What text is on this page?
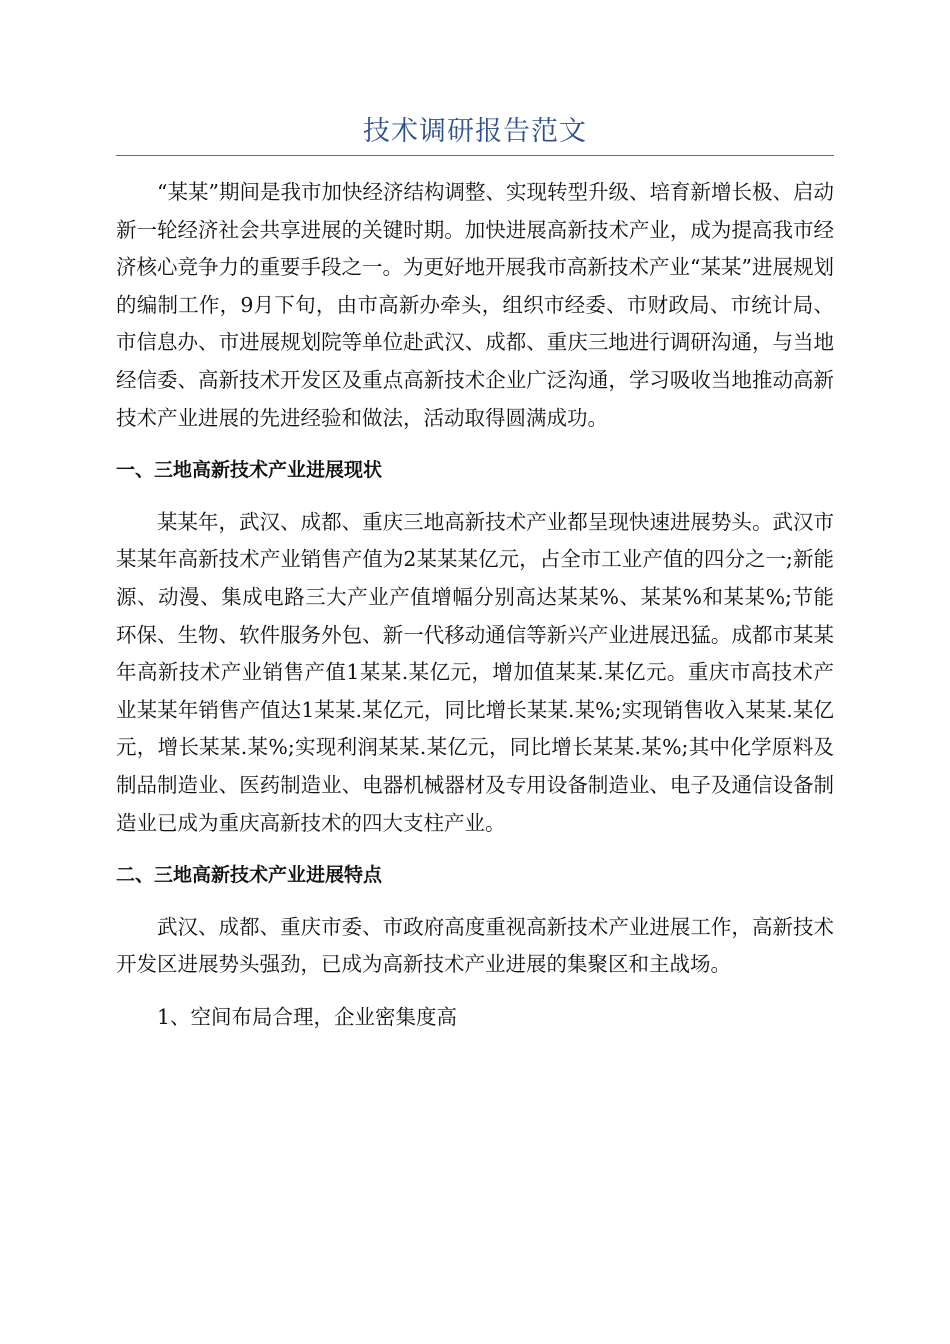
技术调研报告范文

“某某”期间是我市加快经济结构调整、实现转型升级、培育新增长极、启动新一轮经济社会共享进展的关键时期。加快进展高新技术产业，成为提高我市经济核心竞争力的重要手段之一。为更好地开展我市高新技术产业“某某”进展规划的编制工作，9月下旬，由市高新办牵头，组织市经委、市财政局、市统计局、市信息办、市进展规划院等单位赴武汉、成都、重庆三地进行调研沟通，与当地经信委、高新技术开发区及重点高新技术企业广泛沟通，学习吸收当地推动高新技术产业进展的先进经验和做法，活动取得圆满成功。

一、三地高新技术产业进展现状

某某年，武汉、成都、重庆三地高新技术产业都呈现快速进展势头。武汉市某某年高新技术产业销售产值为2某某某亿元，占全市工业产值的四分之一;新能源、动漫、集成电路三大产业产值增幅分别高达某某%、某某%和某某%;节能环保、生物、软件服务外包、新一代移动通信等新兴产业进展迅猛。成都市某某年高新技术产业销售产值1某某.某亿元，增加值某某.某亿元。重庆市高技术产业某某年销售产值达1某某.某亿元，同比增长某某.某%;实现销售收入某某.某亿元，增长某某.某%;实现利润某某.某亿元，同比增长某某.某%;其中化学原料及制品制造业、医药制造业、电器机械器材及专用设备制造业、电子及通信设备制造业已成为重庆高新技术的四大支柱产业。

二、三地高新技术产业进展特点

武汉、成都、重庆市委、市政府高度重视高新技术产业进展工作，高新技术开发区进展势头强劲，已成为高新技术产业进展的集聚区和主战场。

1、空间布局合理，企业密集度高
